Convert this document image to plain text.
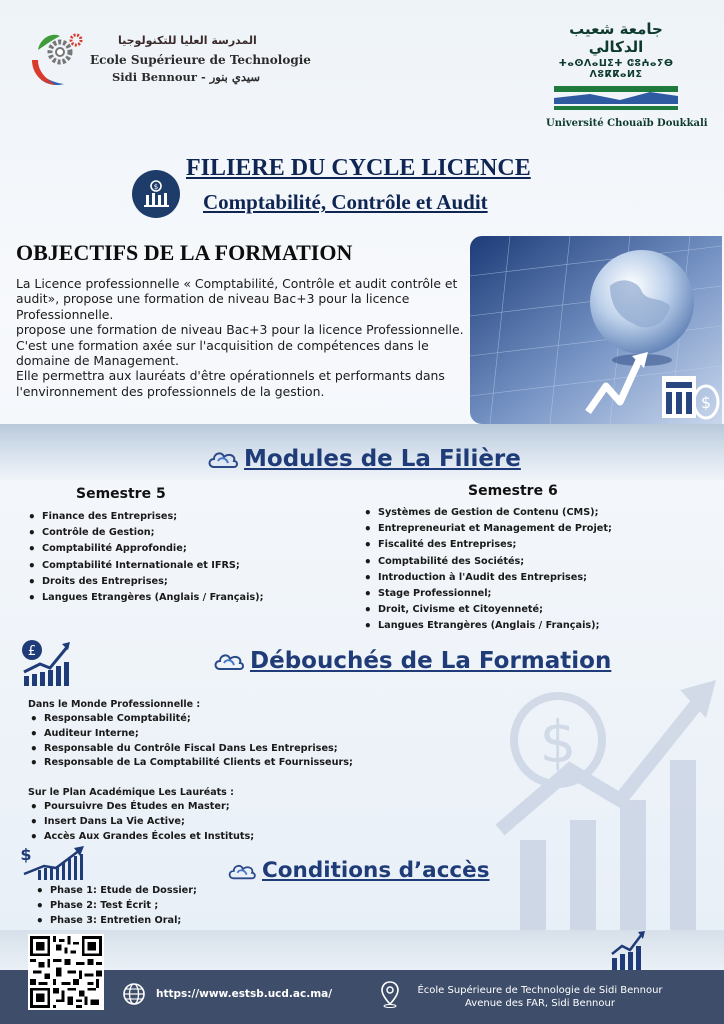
المدرسة العليا للتكنولوجيا
Ecole Supérieure de Technologie
Sidi Bennour - سيدي بنور
جامعة شعيب الدكالي
ⵜⴰⵙⴷⴰⵡⵉⵜ ⵛⵓⵄⴰⵢⴱ ⴷⵓⴽⴽⴰⵍⵉ
Université Chouaïb Doukkali
$
FILIERE DU CYCLE LICENCE
Comptabilité, Contrôle et Audit
OBJECTIFS DE LA FORMATION

La Licence professionnelle « Comptabilité, Contrôle et audit contrôle et audit», propose une formation de niveau Bac+3 pour la licence Professionnelle.

propose une formation de niveau Bac+3 pour la licence Professionnelle.

C'est une formation axée sur l'acquisition de compétences dans le domaine de Management.

Elle permettra aux lauréats d'être opérationnels et performants dans l'environnement des professionnels de la gestion.

$
Modules de La Filière
Semestre 5
• Finance des Entreprises;
• Contrôle de Gestion;
• Comptabilité Approfondie;
• Comptabilité Internationale et IFRS;
• Droits des Entreprises;
• Langues Etrangères (Anglais / Français);
Semestre 6
• Systèmes de Gestion de Contenu (CMS);
• Entrepreneuriat et Management de Projet;
• Fiscalité des Entreprises;
• Comptabilité des Sociétés;
• Introduction à l'Audit des Entreprises;
• Stage Professionnel;
• Droit, Civisme et Citoyenneté;
• Langues Etrangères (Anglais / Français);
$
£	Débouchés de La Formation
Dans le Monde Professionnelle :
• Responsable Comptabilité;
• Auditeur Interne;
• Responsable du Contrôle Fiscal Dans Les Entreprises;
• Responsable de La Comptabilité Clients et Fournisseurs;
Sur le Plan Académique Les Lauréats :
• Poursuivre Des Études en Master;
• Insert Dans La Vie Active;
• Accès Aux Grandes Écoles et Instituts;
$
Conditions d’accès
• Phase 1: Etude de Dossier;
• Phase 2: Test Écrit ;
• Phase 3: Entretien Oral;
https://www.estsb.ucd.ac.ma/	École Supérieure de Technologie de Sidi Bennour
Avenue des FAR, Sidi Bennour
